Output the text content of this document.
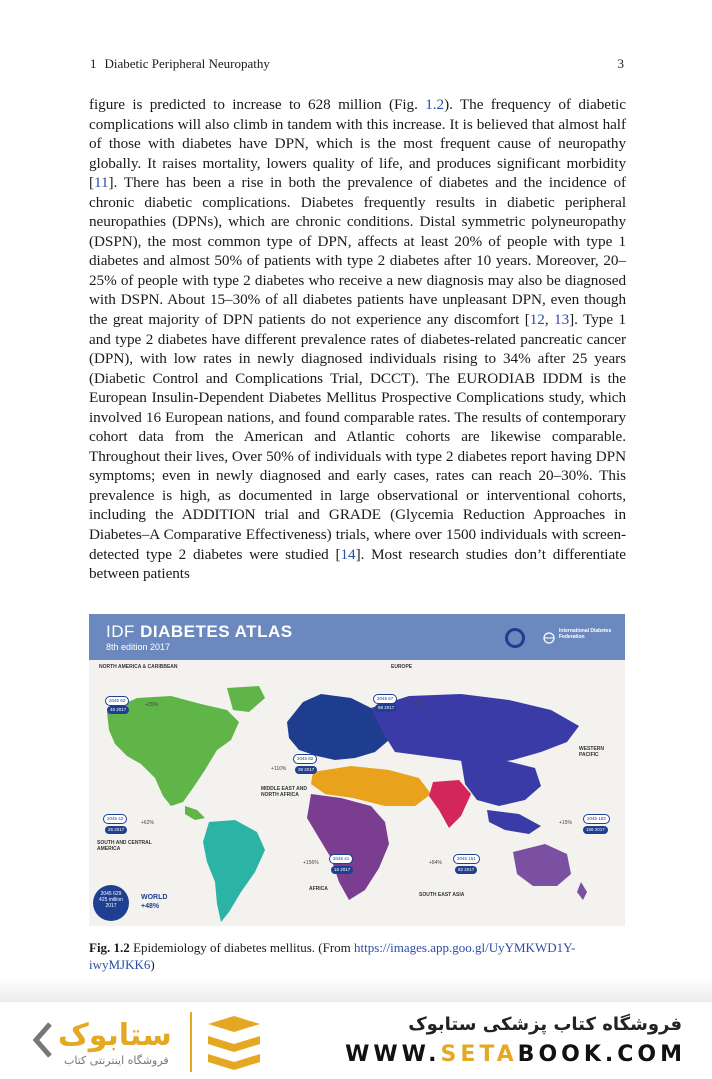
1 Diabetic Peripheral Neuropathy	3

figure is predicted to increase to 628 million (Fig. 1.2). The frequency of diabetic complications will also climb in tandem with this increase. It is believed that almost half of those with diabetes have DPN, which is the most frequent cause of neuropathy globally. It raises mortality, lowers quality of life, and produces significant morbidity [11]. There has been a rise in both the prevalence of diabetes and the incidence of chronic diabetic complications. Diabetes frequently results in diabetic peripheral neuropathies (DPNs), which are chronic conditions. Distal symmetric polyneuropathy (DSPN), the most common type of DPN, affects at least 20% of people with type 1 diabetes and almost 50% of patients with type 2 diabetes after 10 years. Moreover, 20–25% of people with type 2 diabetes who receive a new diagnosis may also be diagnosed with DSPN. About 15–30% of all diabetes patients have unpleasant DPN, even though the great majority of DPN patients do not experience any discomfort [12, 13]. Type 1 and type 2 diabetes have different prevalence rates of diabetes-related pancreatic cancer (DPN), with low rates in newly diagnosed individuals rising to 34% after 25 years (Diabetic Control and Complications Trial, DCCT). The EURODIAB IDDM is the European Insulin-Dependent Diabetes Mellitus Prospective Complications study, which involved 16 European nations, and found comparable rates. The results of contemporary cohort data from the American and Atlantic cohorts are likewise comparable. Throughout their lives, Over 50% of individuals with type 2 diabetes report having DPN symptoms; even in newly diagnosed and early cases, rates can reach 20–30%. This prevalence is high, as documented in large observational or interventional cohorts, including the ADDITION trial and GRADE (Glycemia Reduction Approaches in Diabetes–A Comparative Effectiveness) trials, where over 1500 individuals with screen-detected type 2 diabetes were studied [14]. Most research studies don’t differentiate between patients

IDF DIABETES ATLAS
8th edition 2017
International Diabetes Federation
NORTH AMERICA & CARIBBEAN	EUROPE
WESTERN PACIFIC
MIDDLE EAST AND NORTH AFRICA
SOUTH AND CENTRAL AMERICA
AFRICA
SOUTH EAST ASIA
2045 62
46 2017
+35%
2045 67
58 2017	+16%
2045 82
39 2017
+110%
2045 42
26 2017
+62%
2045 41
16 2017
+156%
2045 151
82 2017
+84%
2045 183
159 2017
+15%
2045 629
425 million
2017
WORLD
+48%
Fig. 1.2 Epidemiology of diabetes mellitus. (From https://images.app.goo.gl/UyYMKWD1Y-iwyMJKK6)
ستابوک
فروشگاه اینترنتی کتاب
فروشگاه کتاب پزشکی ستابوک
WWW.SETABOOK.COM
